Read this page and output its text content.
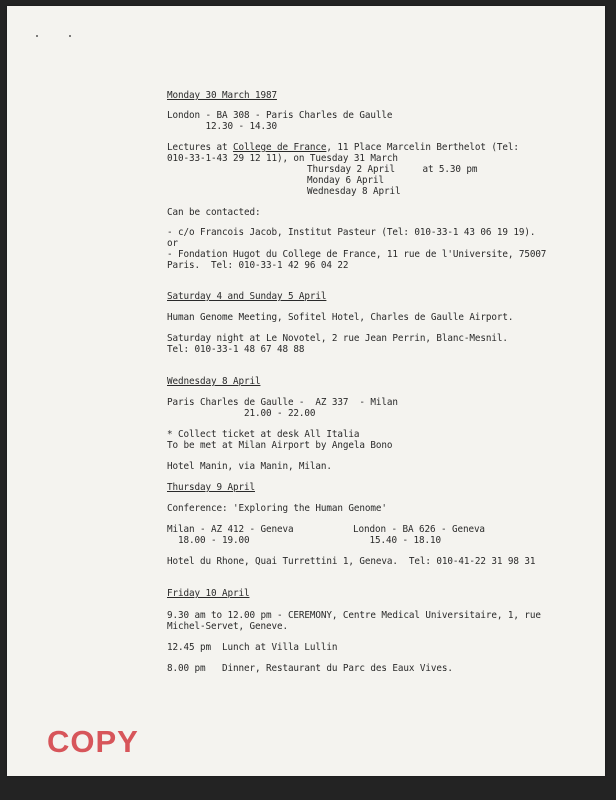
Monday 30 March 1987
London - BA 308 - Paris Charles de Gaulle
12.30 - 14.30
Lectures at College de France, 11 Place Marcelin Berthelot (Tel:
010-33-1-43 29 12 11), on Tuesday 31 March
Thursday 2 April     at 5.30 pm
Monday 6 April
Wednesday 8 April
Can be contacted:
- c/o Francois Jacob, Institut Pasteur (Tel: 010-33-1 43 06 19 19).
or
- Fondation Hugot du College de France, 11 rue de l'Universite, 75007
Paris.  Tel: 010-33-1 42 96 04 22
Saturday 4 and Sunday 5 April
Human Genome Meeting, Sofitel Hotel, Charles de Gaulle Airport.
Saturday night at Le Novotel, 2 rue Jean Perrin, Blanc-Mesnil.
Tel: 010-33-1 48 67 48 88
Wednesday 8 April
Paris Charles de Gaulle -  AZ 337  - Milan
21.00 - 22.00
* Collect ticket at desk All Italia
To be met at Milan Airport by Angela Bono
Hotel Manin, via Manin, Milan.
Thursday 9 April
Conference: 'Exploring the Human Genome'
Milan - AZ 412 - Geneva	London - BA 626 - Geneva
18.00 - 19.00	15.40 - 18.10
Hotel du Rhone, Quai Turrettini 1, Geneva.  Tel: 010-41-22 31 98 31
Friday 10 April
9.30 am to 12.00 pm - CEREMONY, Centre Medical Universitaire, 1, rue
Michel-Servet, Geneve.
12.45 pm  Lunch at Villa Lullin
8.00 pm   Dinner, Restaurant du Parc des Eaux Vives.
COPY
